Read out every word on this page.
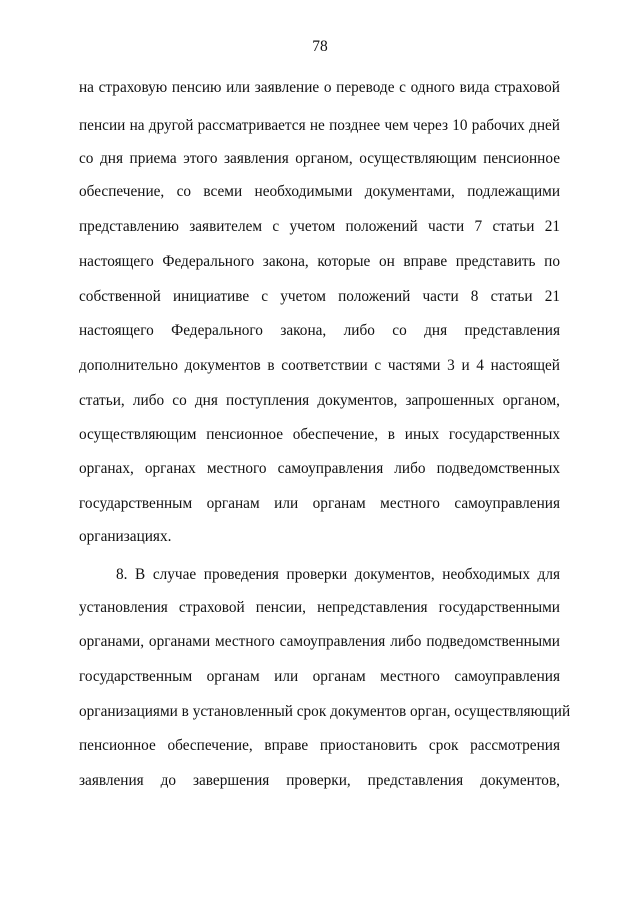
78
на страховую пенсию или заявление о переводе с одного вида страховой
пенсии на другой рассматривается не позднее чем через 10 рабочих дней
со дня приема этого заявления органом, осуществляющим пенсионное
обеспечение, со всеми необходимыми документами, подлежащими
представлению заявителем с учетом положений части 7 статьи 21
настоящего Федерального закона, которые он вправе представить по
собственной инициативе с учетом положений части 8 статьи 21
настоящего Федерального закона, либо со дня представления
дополнительно документов в соответствии с частями 3 и 4 настоящей
статьи, либо со дня поступления документов, запрошенных органом,
осуществляющим пенсионное обеспечение, в иных государственных
органах, органах местного самоуправления либо подведомственных
государственным органам или органам местного самоуправления
организациях.
8. В случае проведения проверки документов, необходимых для
установления страховой пенсии, непредставления государственными
органами, органами местного самоуправления либо подведомственными
государственным органам или органам местного самоуправления
организациями в установленный срок документов орган, осуществляющий
пенсионное обеспечение, вправе приостановить срок рассмотрения
заявления до завершения проверки, представления документов,
